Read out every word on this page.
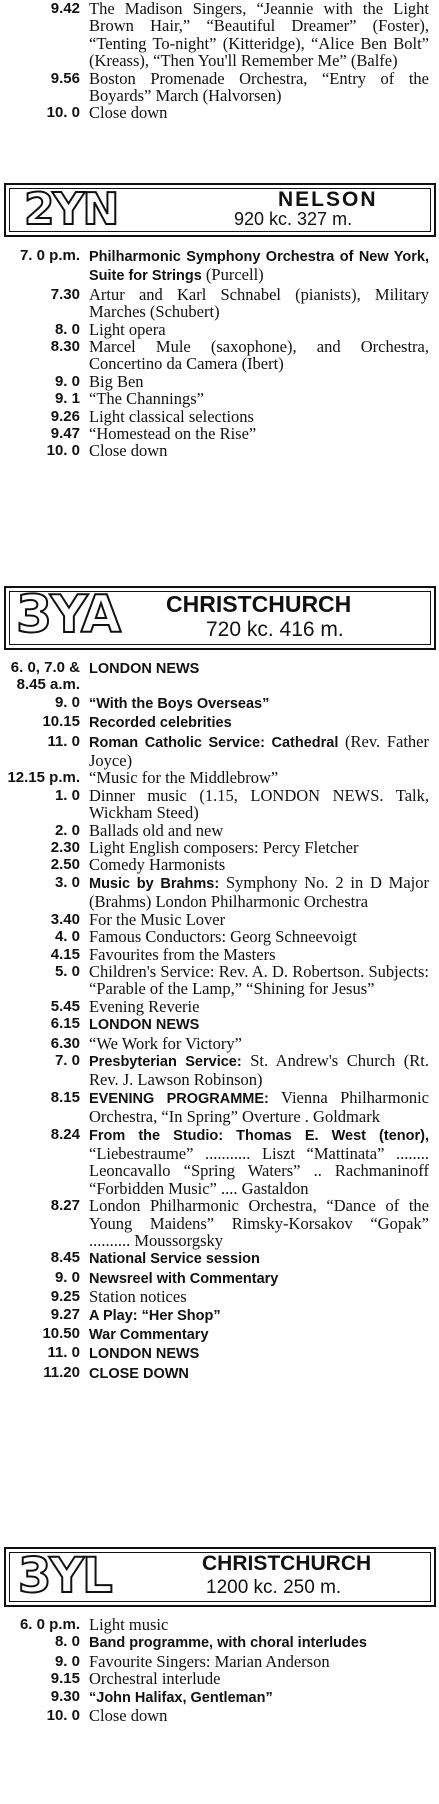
9.42 The Madison Singers, “Jeannie with the Light Brown Hair,” “Beautiful Dreamer” (Foster), “Tenting To-night” (Kitteridge), “Alice Ben Bolt” (Kreass), “Then You'll Remember Me” (Balfe)
9.56 Boston Promenade Orchestra, “Entry of the Boyards” March (Halvorsen)
10. 0 Close down
2YN	NELSON
920 kc. 327 m.
7. 0 p.m. Philharmonic Symphony Orchestra of New York, Suite for Strings (Purcell)
7.30 Artur and Karl Schnabel (pianists), Military Marches (Schubert)
8. 0 Light opera
8.30 Marcel Mule (saxophone), and Orchestra, Concertino da Camera (Ibert)
9. 0 Big Ben
9. 1 “The Channings”
9.26 Light classical selections
9.47 “Homestead on the Rise”
10. 0 Close down
3YA CHRISTCHURCH
720 kc. 416 m.
6. 0, 7.0 & 8.45 a.m.
LONDON NEWS
9. 0 “With the Boys Overseas”
10.15 Recorded celebrities
11. 0 Roman Catholic Service: Cathedral (Rev. Father Joyce)
12.15 p.m. “Music for the Middlebrow”
1. 0 Dinner music (1.15, LONDON NEWS. Talk, Wickham Steed)
2. 0 Ballads old and new
2.30 Light English composers: Percy Fletcher
2.50 Comedy Harmonists
3. 0 Music by Brahms: Symphony No. 2 in D Major (Brahms) London Philharmonic Orchestra
3.40 For the Music Lover
4. 0 Famous Conductors: Georg Schneevoigt
4.15 Favourites from the Masters
5. 0 Children's Service: Rev. A. D. Robertson. Subjects: “Parable of the Lamp,” “Shining for Jesus”
5.45 Evening Reverie
6.15 LONDON NEWS
6.30 “We Work for Victory”
7. 0 Presbyterian Service: St. Andrew's Church (Rt. Rev. J. Lawson Robinson)
8.15 EVENING PROGRAMME: Vienna Philharmonic Orchestra, “In Spring” Overture . Goldmark
8.24 From the Studio: Thomas E. West (tenor), “Liebestraume” ........... Liszt “Mattinata” ........ Leoncavallo “Spring Waters” .. Rachmaninoff “Forbidden Music” .... Gastaldon
8.27 London Philharmonic Orchestra, “Dance of the Young Maidens” Rimsky-Korsakov “Gopak” .......... Moussorgsky
8.45 National Service session
9. 0 Newsreel with Commentary
9.25 Station notices
9.27 A Play: “Her Shop”
10.50 War Commentary
11. 0 LONDON NEWS
11.20 CLOSE DOWN
3YL	CHRISTCHURCH
1200 kc. 250 m.
6. 0 p.m. Light music
8. 0 Band programme, with choral interludes
9. 0 Favourite Singers: Marian Anderson
9.15 Orchestral interlude
9.30 “John Halifax, Gentleman”
10. 0 Close down
